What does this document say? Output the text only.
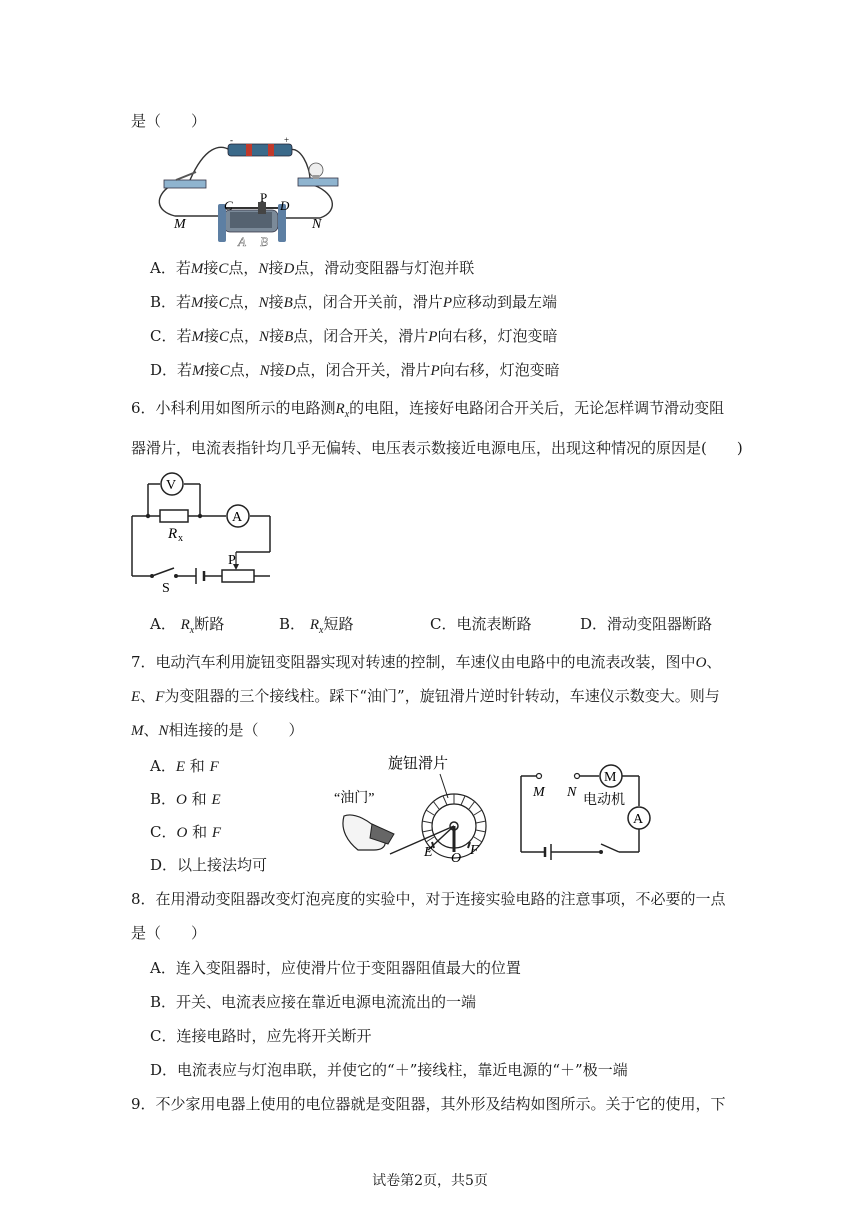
是（　　）
-	+
C
P
D
A B
M	N
A．若M接C点，N接D点，滑动变阻器与灯泡并联
B．若M接C点，N接B点，闭合开关前，滑片P应移动到最左端
C．若M接C点，N接B点，闭合开关，滑片P向右移，灯泡变暗
D．若M接C点，N接D点，闭合开关，滑片P向右移，灯泡变暗
6．小科利用如图所示的电路测$R_x$的电阻，连接好电路闭合开关后，无论怎样调节滑动变阻
器滑片，电流表指针均几乎无偏转、电压表示数接近电源电压，出现这种情况的原因是(　　)
V
A
R x
P
S
A． $R_x$断路	B． $R_x$短路	C．电流表断路	D．滑动变阻器断路
7．电动汽车利用旋钮变阻器实现对转速的控制，车速仪由电路中的电流表改装，图中O、
E、F为变阻器的三个接线柱。踩下“油门”，旋钮滑片逆时针转动，车速仪示数变大。则与
M、N相连接的是（　　）
A．E 和 F
B．O 和 E
C．O 和 F
D．以上接法均可
旋钮滑片
“油门”
E O
F
M
A
M N
电动机
8．在用滑动变阻器改变灯泡亮度的实验中，对于连接实验电路的注意事项，不必要的一点
是（　　）
A．连入变阻器时，应使滑片位于变阻器阻值最大的位置
B．开关、电流表应接在靠近电源电流流出的一端
C．连接电路时，应先将开关断开
D．电流表应与灯泡串联，并使它的“＋”接线柱，靠近电源的“＋”极一端
9．不少家用电器上使用的电位器就是变阻器，其外形及结构如图所示。关于它的使用，下
试卷第2页，共5页
